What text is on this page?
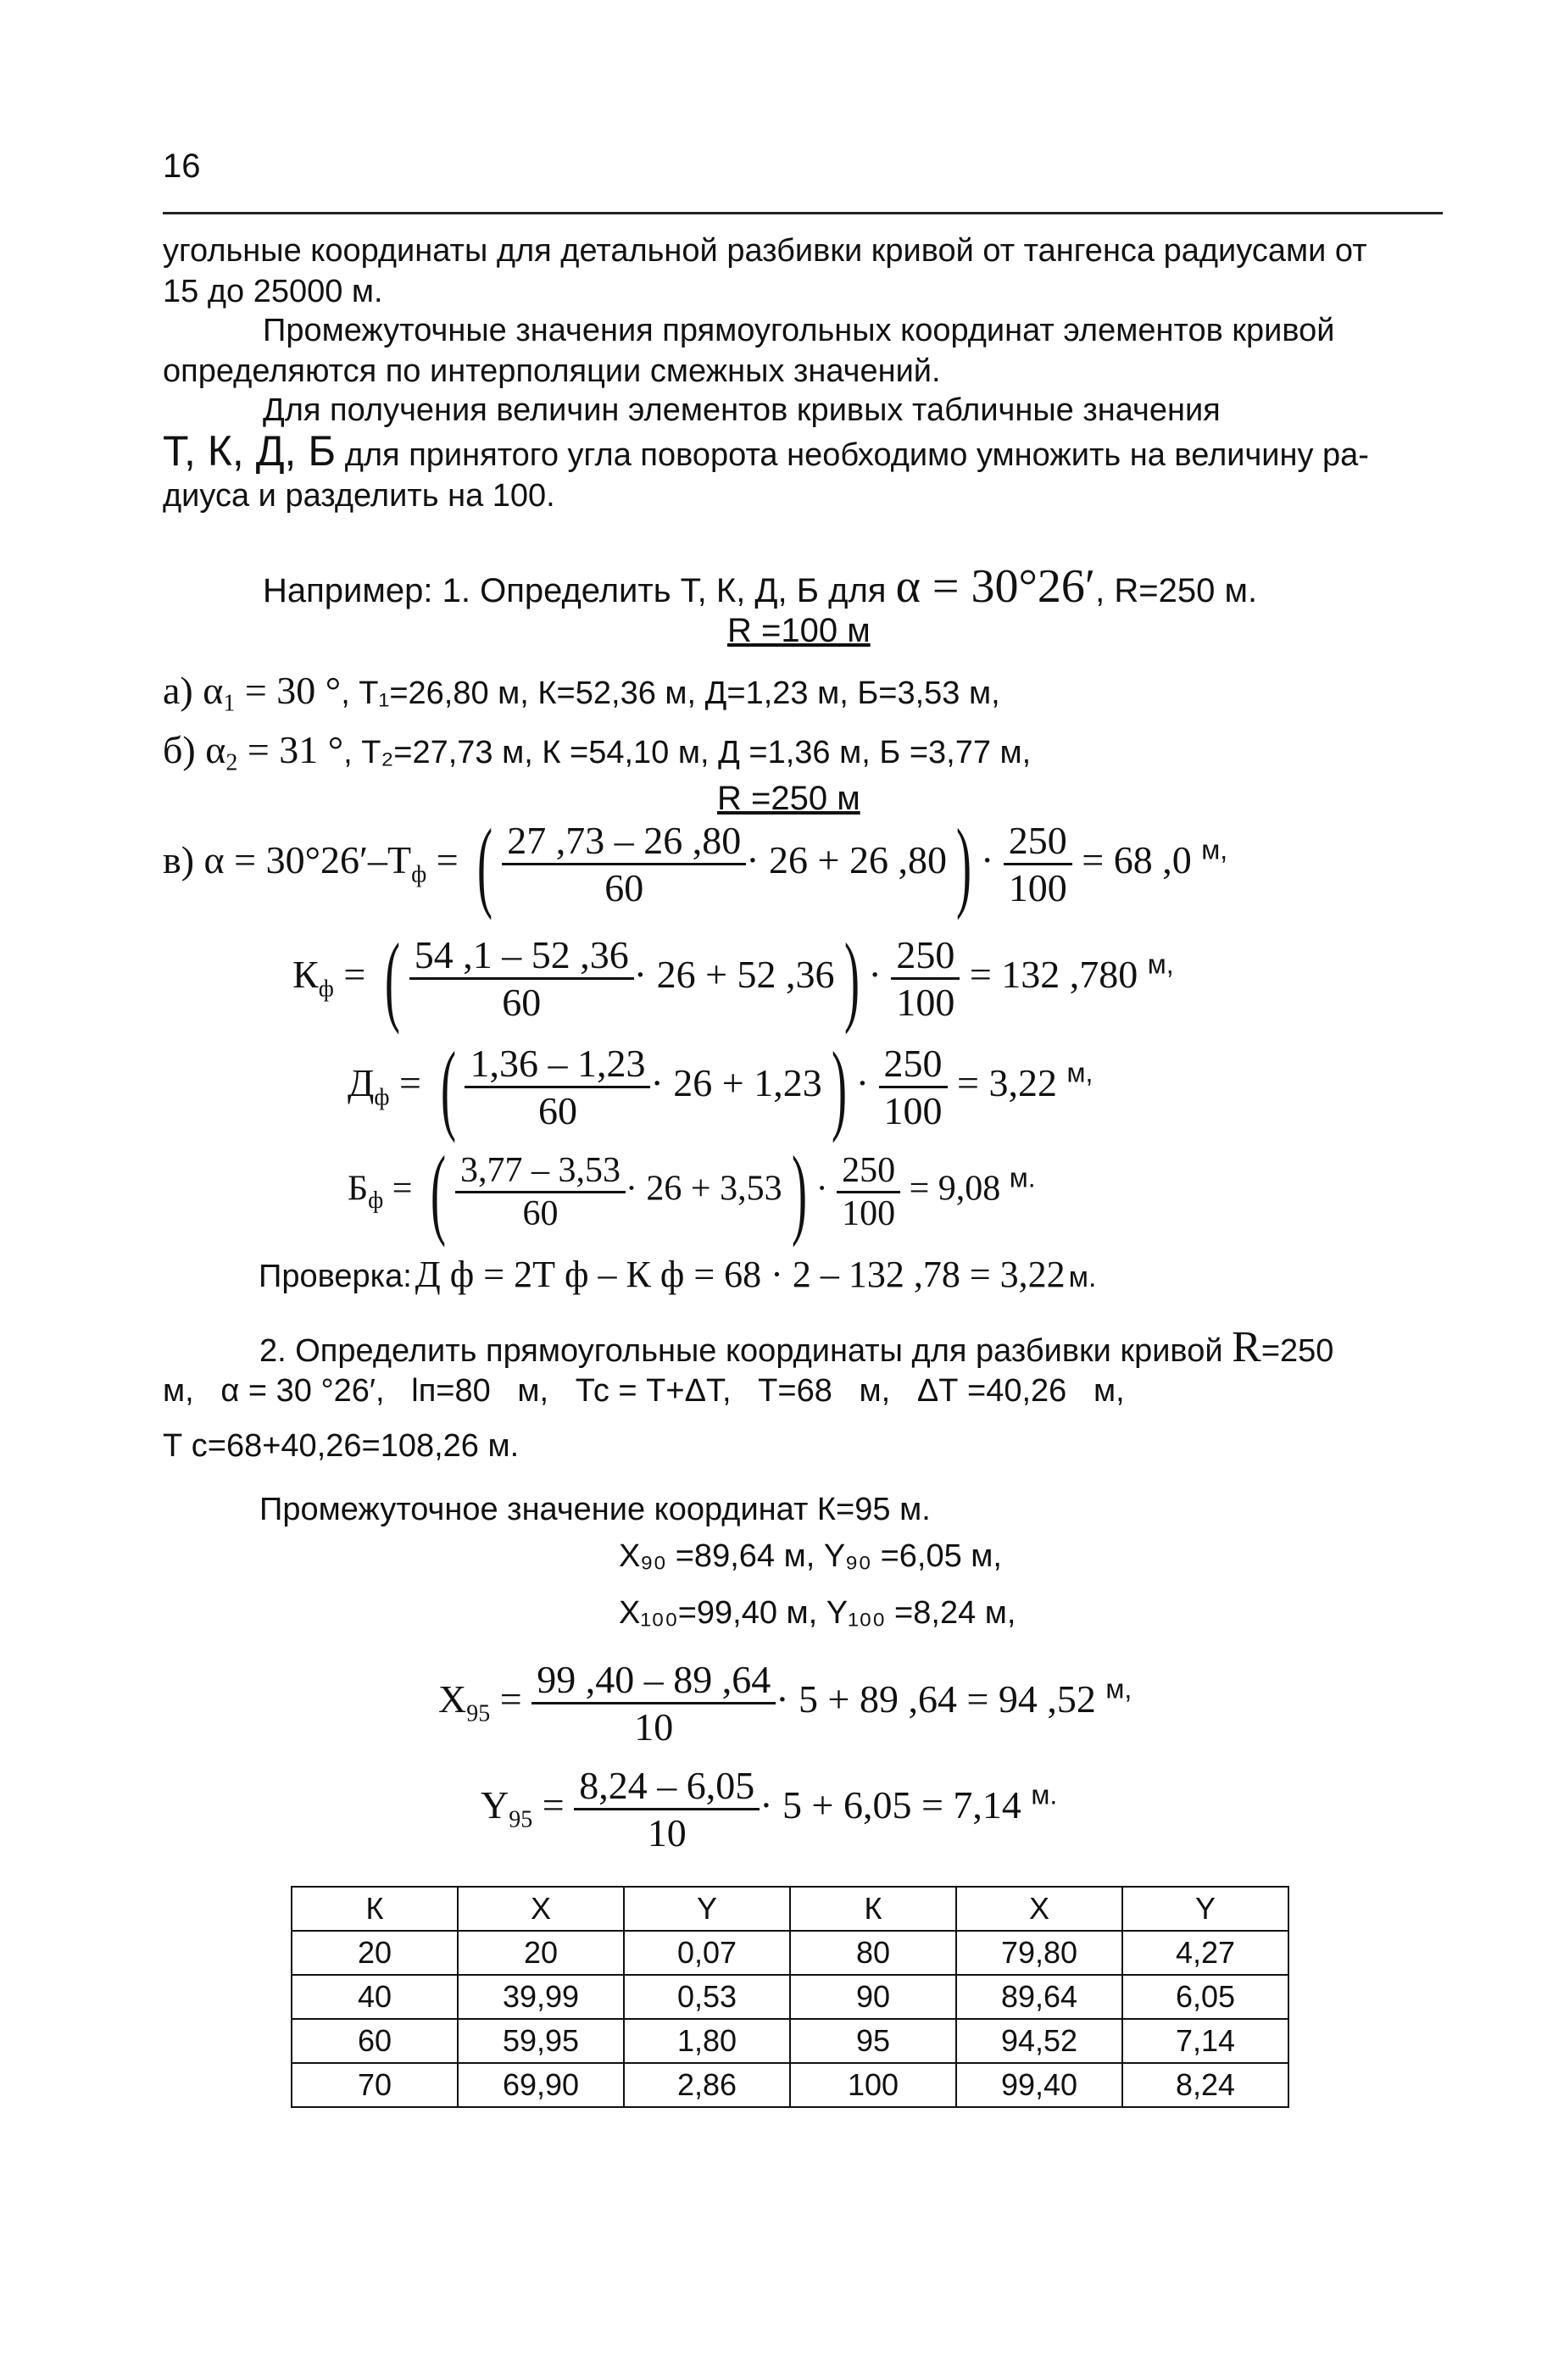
16
угольные координаты для детальной разбивки кривой от тангенса радиусами от
15 до 25000 м.
Промежуточные значения прямоугольных координат элементов кривой
определяются по интерполяции смежных значений.
Для получения величин элементов кривых табличные значения
Т, К, Д, Б для принятого угла поворота необходимо умножить на величину ра-
диуса и разделить на 100.
Например: 1. Определить Т, К, Д, Б для α = 30°26′, R=250 м.
R =100 м
а) $\alpha_1 = 30$ °, Т₁=26,80 м, К=52,36 м, Д=1,23 м, Б=3,53 м,
б) $\alpha_2 = 31$ °, Т₂=27,73 м, К =54,10 м, Д =1,36 м, Б =3,77 м,
R =250 м
в) $\alpha = 30^\circ 26'-Т_ф$ = ( $\frac{27 ,73 - 26 ,80}{60} \cdot 26 + 26$ $,80) \cdot \frac{250}{100} = 68$ ,0 $^{м,}$
$К_ф$ = ( $\frac{54 ,1 - 52 ,36}{60} \cdot 26 + 52$ $,36) \cdot \frac{250}{100} = 132$ ,780 $^{м,}$
$Д_ф$ = ( $\frac{1,36 - 1,23}{60} \cdot 26 + 1,23) \cdot \frac{250}{100} = 3,22$ $^{м,}$
$Б_ф$ = ( $\frac{3,77 - 3,53}{60} \cdot 26 + 3,53) \cdot \frac{250}{100} = 9,08$ $^{м.}$
Проверка: Д ф = 2Т ф – К ф = 68 · 2 – 132 ,78 = 3,22 м.
2. Определить прямоугольные координаты для разбивки кривой R=250
м,   α = 30 °26′,   lп=80   м,   Тс = Т+ΔТ,   Т=68   м,   ΔТ =40,26   м,
Т с=68+40,26=108,26 м.
Промежуточное значение координат К=95 м.
Х₉₀ =89,64 м, Y₉₀ =6,05 м,
Х₁₀₀=99,40 м, Y₁₀₀ =8,24 м,
$Х_{95} = \frac{99 ,40 - 89 ,64}{10} \cdot 5 + 89$ ,64 = 94 ,52 $^{м,}$
$Y_{95} = \frac{8,24 - 6,05}{10} \cdot 5 + 6,05 = 7,14$ $^{м.}$
К	X	Y	К	X	Y
20	20	0,07	80	79,80	4,27
40	39,99	0,53	90	89,64	6,05
60	59,95	1,80	95	94,52	7,14
70	69,90	2,86	100	99,40	8,24
